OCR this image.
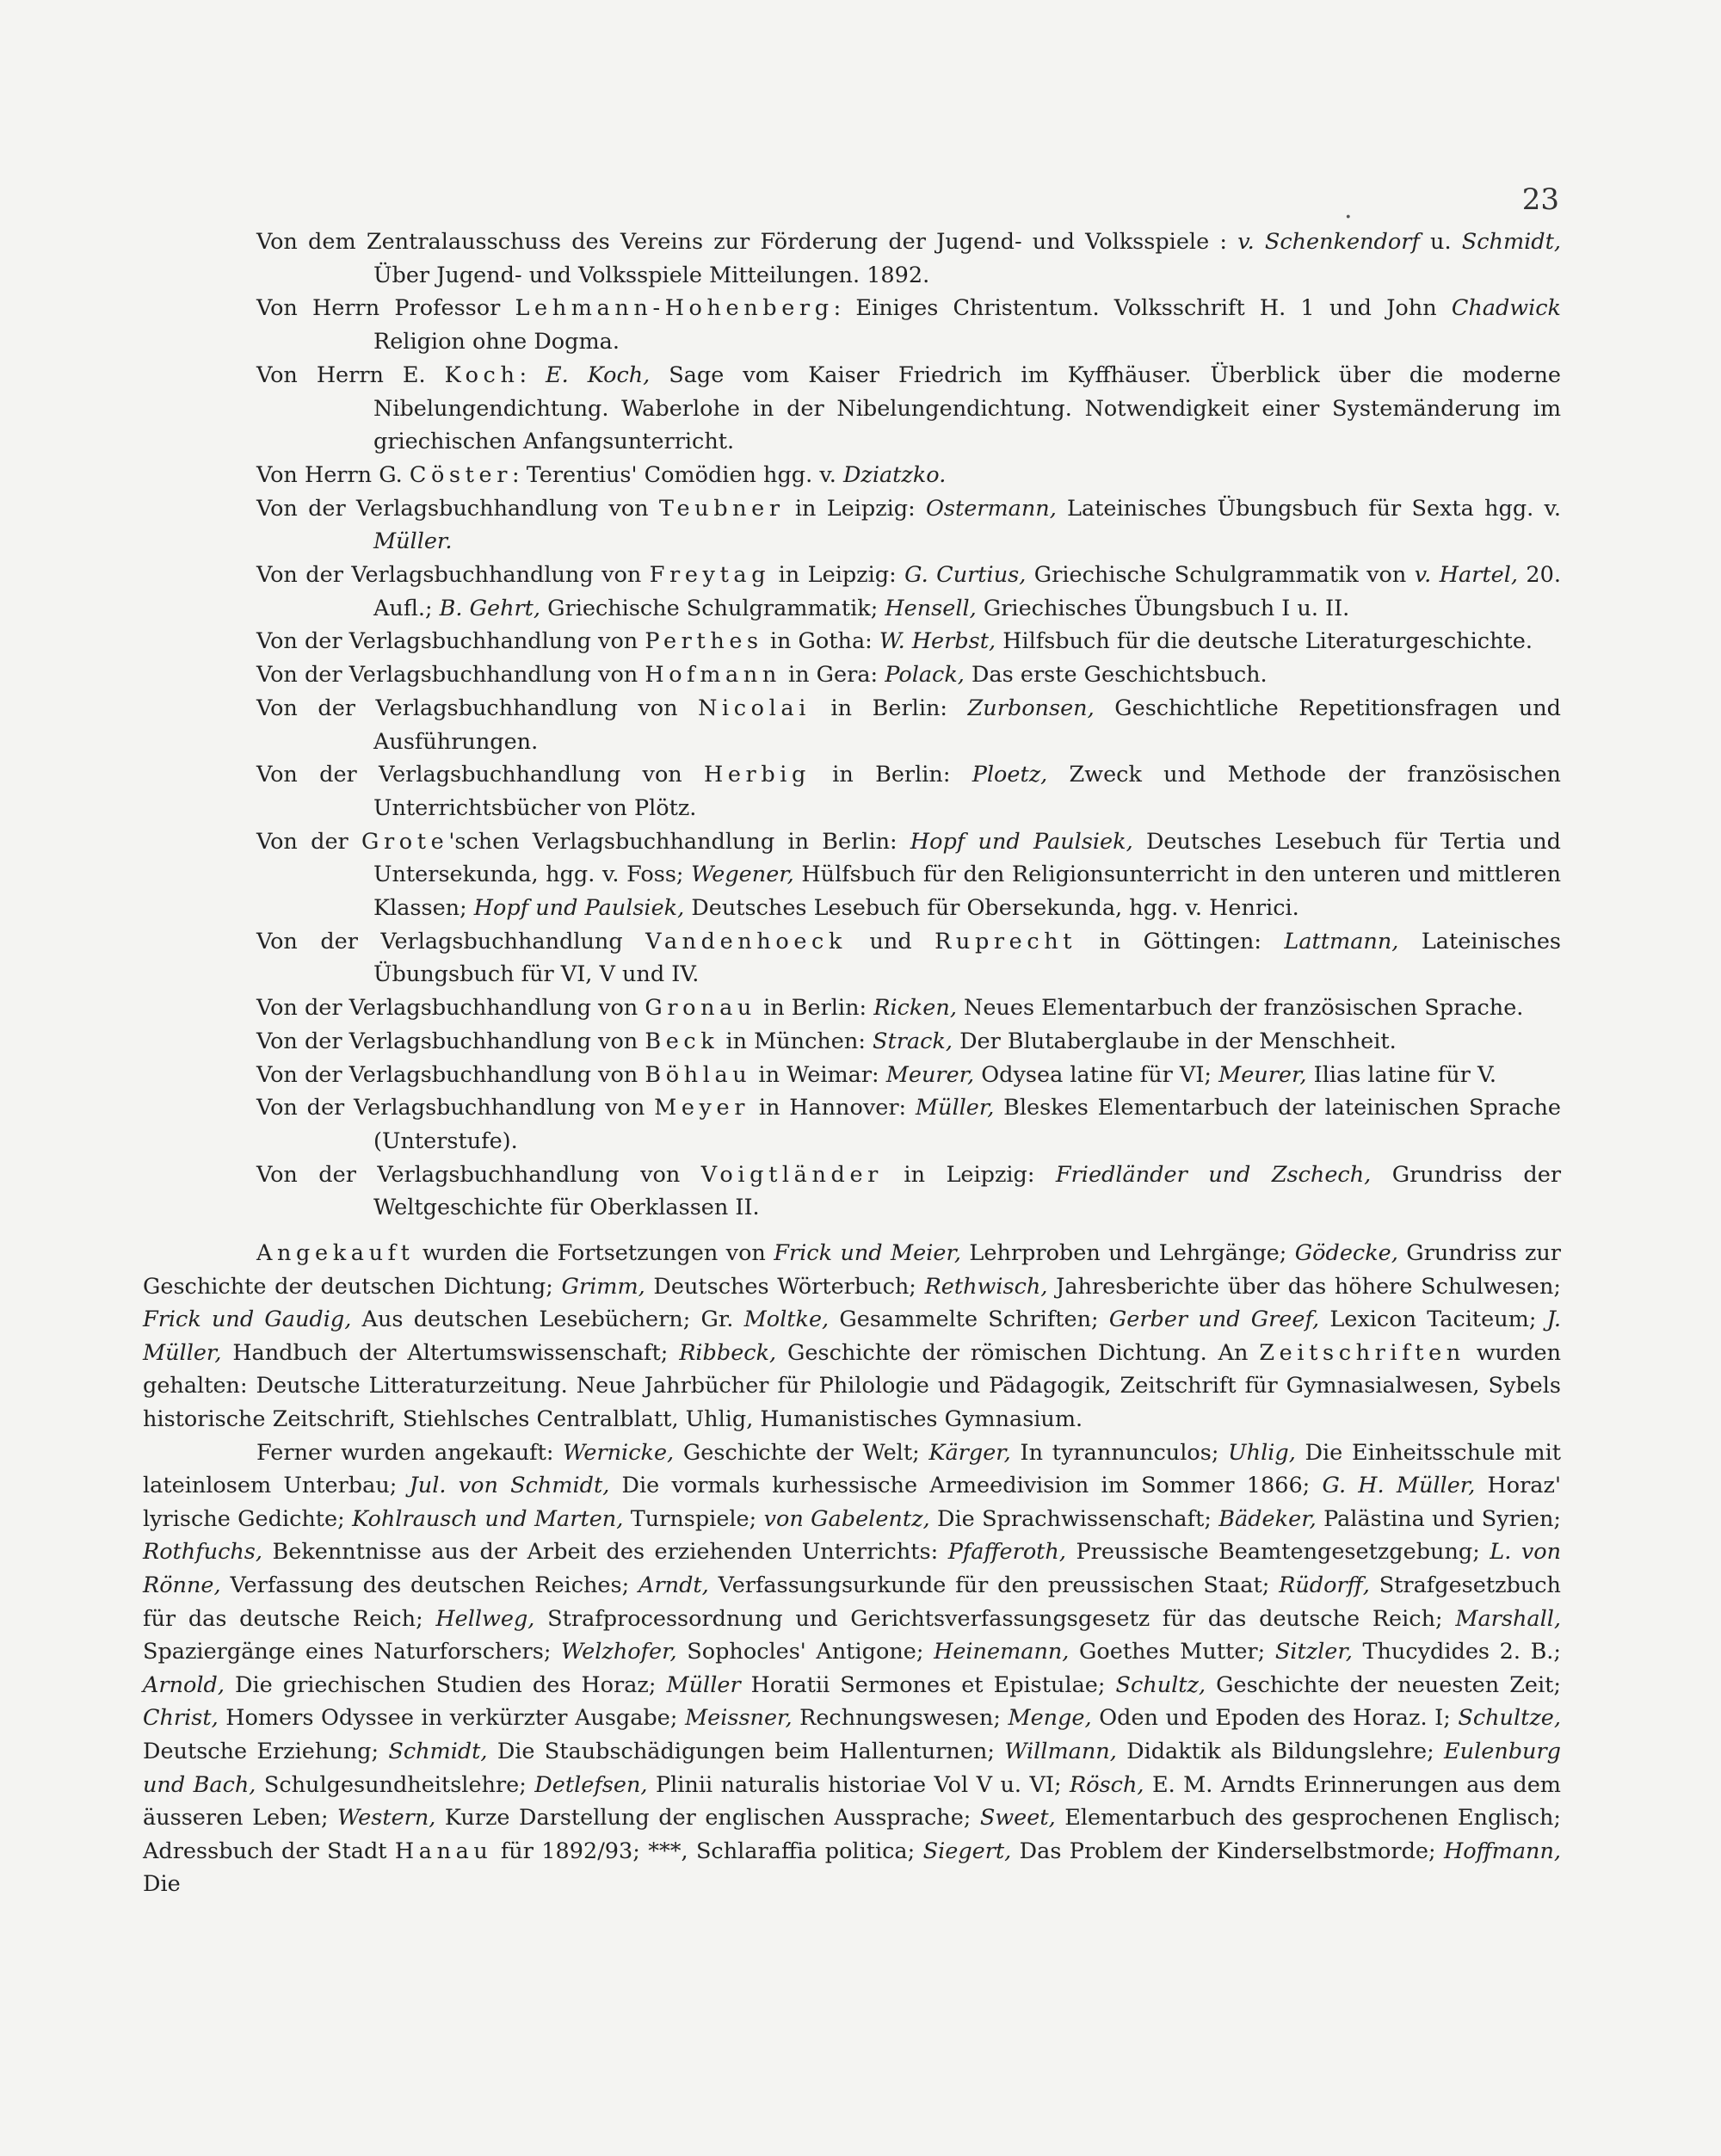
.	23

Von dem Zentralausschuss des Vereins zur Förderung der Jugend- und Volksspiele : v. Schenkendorf u. Schmidt, Über Jugend- und Volksspiele Mitteilungen. 1892.

Von Herrn Professor Lehmann-Hohenberg: Einiges Christentum. Volksschrift H. 1 und John Chadwick Religion ohne Dogma.

Von Herrn E. Koch: E. Koch, Sage vom Kaiser Friedrich im Kyffhäuser. Überblick über die moderne Nibelungendichtung. Waberlohe in der Nibelungendichtung. Notwendigkeit einer Systemänderung im griechischen Anfangsunterricht.

Von Herrn G. Cöster: Terentius' Comödien hgg. v. Dziatzko.

Von der Verlagsbuchhandlung von Teubner in Leipzig: Ostermann, Lateinisches Übungsbuch für Sexta hgg. v. Müller.

Von der Verlagsbuchhandlung von Freytag in Leipzig: G. Curtius, Griechische Schulgrammatik von v. Hartel, 20. Aufl.; B. Gehrt, Griechische Schulgrammatik; Hensell, Griechisches Übungsbuch I u. II.

Von der Verlagsbuchhandlung von Perthes in Gotha: W. Herbst, Hilfsbuch für die deutsche Literaturgeschichte.

Von der Verlagsbuchhandlung von Hofmann in Gera: Polack, Das erste Geschichtsbuch.

Von der Verlagsbuchhandlung von Nicolai in Berlin: Zurbonsen, Geschichtliche Repetitionsfragen und Ausführungen.

Von der Verlagsbuchhandlung von Herbig in Berlin: Ploetz, Zweck und Methode der französischen Unterrichtsbücher von Plötz.

Von der Grote'schen Verlagsbuchhandlung in Berlin: Hopf und Paulsiek, Deutsches Lesebuch für Tertia und Untersekunda, hgg. v. Foss; Wegener, Hülfsbuch für den Religionsunterricht in den unteren und mittleren Klassen; Hopf und Paulsiek, Deutsches Lesebuch für Obersekunda, hgg. v. Henrici.

Von der Verlagsbuchhandlung Vandenhoeck und Ruprecht in Göttingen: Lattmann, Lateinisches Übungsbuch für VI, V und IV.

Von der Verlagsbuchhandlung von Gronau in Berlin: Ricken, Neues Elementarbuch der französischen Sprache.

Von der Verlagsbuchhandlung von Beck in München: Strack, Der Blutaberglaube in der Menschheit.

Von der Verlagsbuchhandlung von Böhlau in Weimar: Meurer, Odysea latine für VI; Meurer, Ilias latine für V.

Von der Verlagsbuchhandlung von Meyer in Hannover: Müller, Bleskes Elementarbuch der lateinischen Sprache (Unterstufe).

Von der Verlagsbuchhandlung von Voigtländer in Leipzig: Friedländer und Zschech, Grundriss der Weltgeschichte für Oberklassen II.

Angekauft wurden die Fortsetzungen von Frick und Meier, Lehrproben und Lehrgänge; Gödecke, Grundriss zur Geschichte der deutschen Dichtung; Grimm, Deutsches Wörterbuch; Rethwisch, Jahresberichte über das höhere Schulwesen; Frick und Gaudig, Aus deutschen Lesebüchern; Gr. Moltke, Gesammelte Schriften; Gerber und Greef, Lexicon Taciteum; J. Müller, Handbuch der Altertumswissenschaft; Ribbeck, Geschichte der römischen Dichtung. An Zeitschriften wurden gehalten: Deutsche Litteraturzeitung. Neue Jahrbücher für Philologie und Pädagogik, Zeitschrift für Gymnasialwesen, Sybels historische Zeitschrift, Stiehlsches Centralblatt, Uhlig, Humanistisches Gymnasium.

Ferner wurden angekauft: Wernicke, Geschichte der Welt; Kärger, In tyrannunculos; Uhlig, Die Einheitsschule mit lateinlosem Unterbau; Jul. von Schmidt, Die vormals kurhessische Armeedivision im Sommer 1866; G. H. Müller, Horaz' lyrische Gedichte; Kohlrausch und Marten, Turnspiele; von Gabelentz, Die Sprachwissenschaft; Bädeker, Palästina und Syrien; Rothfuchs, Bekenntnisse aus der Arbeit des erziehenden Unterrichts: Pfafferoth, Preussische Beamtengesetzgebung; L. von Rönne, Verfassung des deutschen Reiches; Arndt, Verfassungsurkunde für den preussischen Staat; Rüdorff, Strafgesetzbuch für das deutsche Reich; Hellweg, Strafprocessordnung und Gerichtsverfassungsgesetz für das deutsche Reich; Marshall, Spaziergänge eines Naturforschers; Welzhofer, Sophocles' Antigone; Heinemann, Goethes Mutter; Sitzler, Thucydides 2. B.; Arnold, Die griechischen Studien des Horaz; Müller Horatii Sermones et Epistulae; Schultz, Geschichte der neuesten Zeit; Christ, Homers Odyssee in verkürzter Ausgabe; Meissner, Rechnungswesen; Menge, Oden und Epoden des Horaz. I; Schultze, Deutsche Erziehung; Schmidt, Die Staubschädigungen beim Hallenturnen; Willmann, Didaktik als Bildungslehre; Eulenburg und Bach, Schulgesundheitslehre; Detlefsen, Plinii naturalis historiae Vol V u. VI; Rösch, E. M. Arndts Erinnerungen aus dem äusseren Leben; Western, Kurze Darstellung der englischen Aussprache; Sweet, Elementarbuch des gesprochenen Englisch; Adressbuch der Stadt Hanau für 1892/93; ***, Schlaraffia politica; Siegert, Das Problem der Kinderselbstmorde; Hoffmann, Die
